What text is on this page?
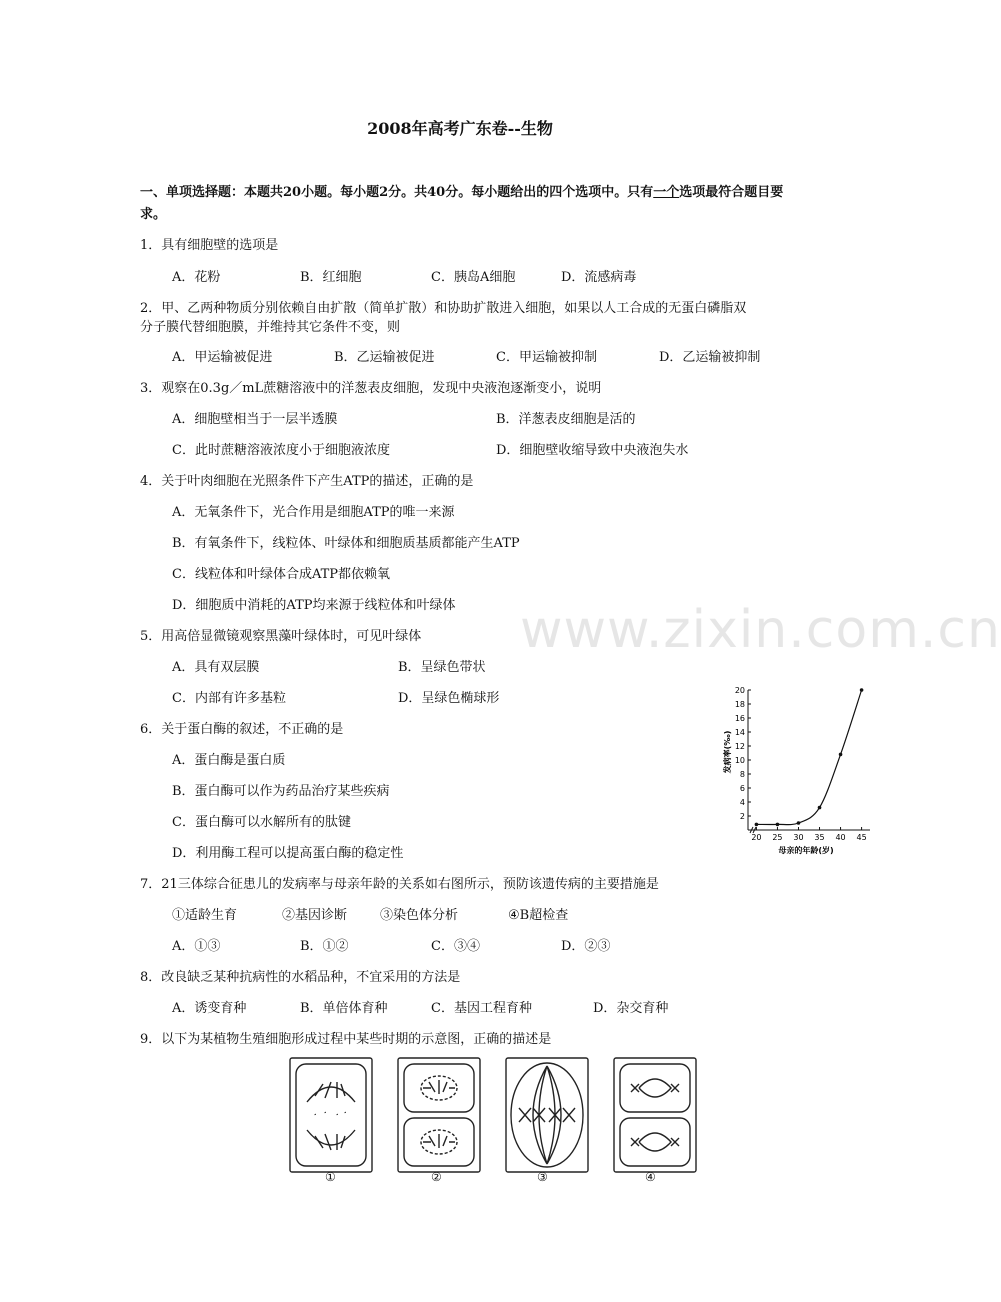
2008年高考广东卷--生物
一、单项选择题：本题共20小题。每小题2分。共40分。每小题给出的四个选项中。只有一个选项最符合题目要求。
1．具有细胞壁的选项是
A．花粉	B．红细胞	C．胰岛A细胞	D．流感病毒
2．甲、乙两种物质分别依赖自由扩散（简单扩散）和协助扩散进入细胞，如果以人工合成的无蛋白磷脂双
分子膜代替细胞膜，并维持其它条件不变，则
A．甲运输被促进	B．乙运输被促进	C．甲运输被抑制	D．乙运输被抑制
3．观察在0.3g／mL蔗糖溶液中的洋葱表皮细胞，发现中央液泡逐渐变小，说明
A．细胞壁相当于一层半透膜	B．洋葱表皮细胞是活的
C．此时蔗糖溶液浓度小于细胞液浓度	D．细胞壁收缩导致中央液泡失水
4．关于叶肉细胞在光照条件下产生ATP的描述，正确的是
A．无氧条件下，光合作用是细胞ATP的唯一来源
B．有氧条件下，线粒体、叶绿体和细胞质基质都能产生ATP
C．线粒体和叶绿体合成ATP都依赖氧
D．细胞质中消耗的ATP均来源于线粒体和叶绿体 www.zixin.com.cn
5．用高倍显微镜观察黑藻叶绿体时，可见叶绿体
A．具有双层膜	B．呈绿色带状
C．内部有许多基粒	D．呈绿色椭球形
6．关于蛋白酶的叙述，不正确的是
A．蛋白酶是蛋白质
B．蛋白酶可以作为药品治疗某些疾病
C．蛋白酶可以水解所有的肽键
D．利用酶工程可以提高蛋白酶的稳定性
7．21三体综合征患儿的发病率与母亲年龄的关系如右图所示，预防该遗传病的主要措施是
①适龄生育	②基因诊断	③染色体分析	④B超检查
A．①③	B．①②	C．③④	D．②③
8．改良缺乏某种抗病性的水稻品种，不宜采用的方法是
A．诱变育种	B．单倍体育种	C．基因工程育种	D．杂交育种
9．以下为某植物生殖细胞形成过程中某些时期的示意图，正确的描述是
①	②	③	④
2
4
6
8
10
12
14
16
18
20
20 25 30 35 40 45
发病率(‰)
母亲的年龄(岁)
